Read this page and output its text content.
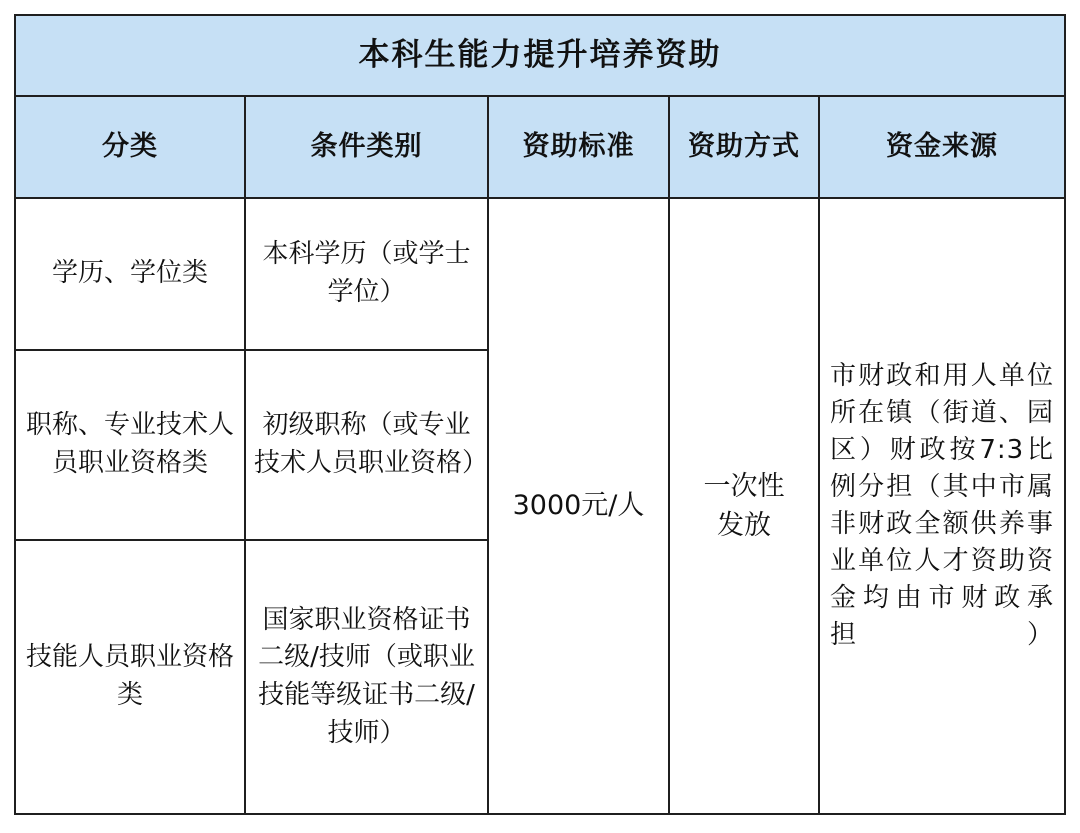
本科生能力提升培养资助				
分类	条件类别	资助标准	资助方式	资金来源
学历、学位类	本科学历（或学士学位）	3000元/人	一次性发放	市财政和用人单位所在镇（街道、园区）财政按7:3比例分担（其中市属非财政全额供养事业单位人才资助资金均由市财政承担）
职称、专业技术人员职业资格类	初级职称（或专业技术人员职业资格）			
技能人员职业资格类	国家职业资格证书二级/技师（或职业技能等级证书二级/技师）			
